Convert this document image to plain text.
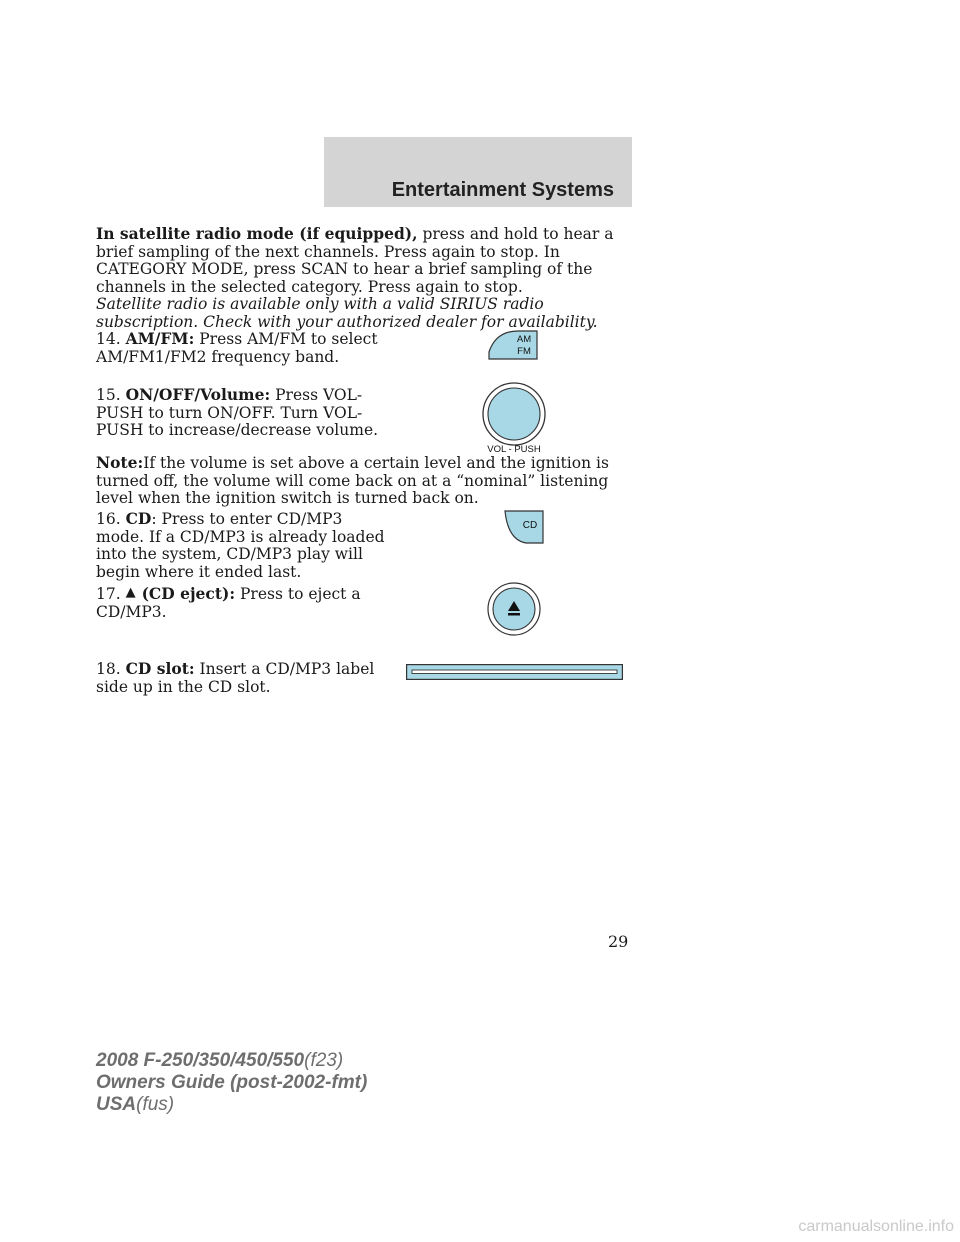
Entertainment Systems

In satellite radio mode (if equipped), press and hold to hear a brief sampling of the next channels. Press again to stop. In CATEGORY MODE, press SCAN to hear a brief sampling of the channels in the selected category. Press again to stop.
Satellite radio is available only with a valid SIRIUS radio subscription. Check with your authorized dealer for availability.

14. AM/FM: Press AM/FM to select AM/FM1/FM2 frequency band.

AM
FM

15. ON/OFF/Volume: Press VOL-PUSH to turn ON/OFF. Turn VOL-PUSH to increase/decrease volume.

VOL - PUSH

Note:If the volume is set above a certain level and the ignition is turned off, the volume will come back on at a “nominal” listening level when the ignition switch is turned back on.

16. CD: Press to enter CD/MP3 mode. If a CD/MP3 is already loaded into the system, CD/MP3 play will begin where it ended last.

CD

17. ▲ (CD eject): Press to eject a CD/MP3.

18. CD slot: Insert a CD/MP3 label side up in the CD slot.

29
2008 F-250/350/450/550(f23)
Owners Guide (post-2002-fmt)
USA(fus)
carmanualsonline.info
